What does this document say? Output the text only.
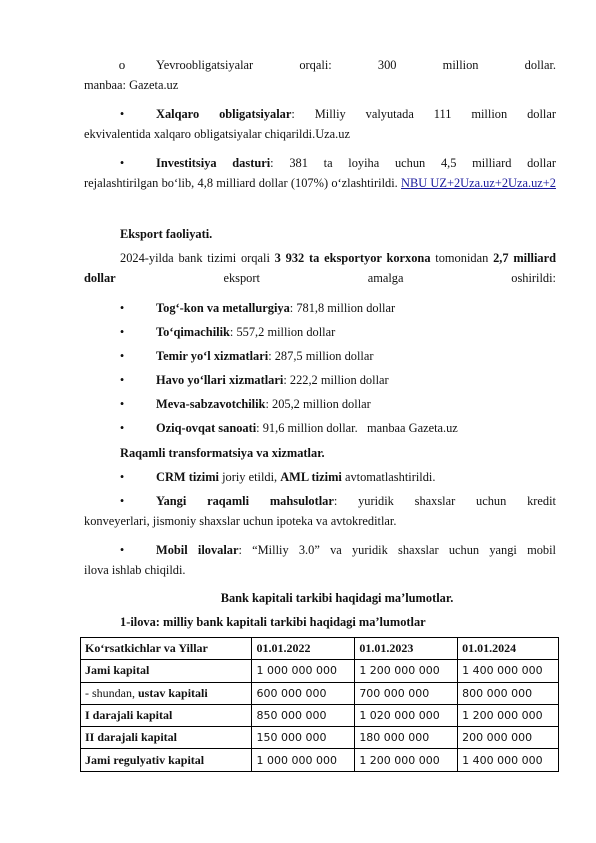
o Yevroobligatsiyalar orqali: 300 million dollar.
manbaa: Gazeta.uz
•	Xalqaro obligatsiyalar: Milliy valyutada 111 million dollar
ekvivalentida xalqaro obligatsiyalar chiqarildi.Uza.uz
•	Investitsiya dasturi: 381 ta loyiha uchun 4,5 milliard dollar
rejalashtirilgan bo‘lib, 4,8 milliard dollar (107%) o‘zlashtirildi. NBU UZ+2Uza.uz+2Uza.uz+2
Eksport faoliyati.
2024-yilda bank tizimi orqali 3 932 ta eksportyor korxona tomonidan 2,7 milliard dollar eksport amalga oshirildi:
•	Tog‘-kon va metallurgiya: 781,8 million dollar
•	To‘qimachilik: 557,2 million dollar
•	Temir yo‘l xizmatlari: 287,5 million dollar
•	Havo yo‘llari xizmatlari: 222,2 million dollar
•	Meva-sabzavotchilik: 205,2 million dollar
•	Oziq-ovqat sanoati: 91,6 million dollar.   manbaa Gazeta.uz
Raqamli transformatsiya va xizmatlar.
•	CRM tizimi joriy etildi, AML tizimi avtomatlashtirildi.
•	Yangi raqamli mahsulotlar: yuridik shaxslar uchun kredit
konveyerlari, jismoniy shaxslar uchun ipoteka va avtokreditlar.
•	Mobil ilovalar: “Milliy 3.0” va yuridik shaxslar uchun yangi mobil
ilova ishlab chiqildi.
Bank kapitali tarkibi haqidagi ma’lumotlar.
1-ilova: milliy bank kapitali tarkibi haqidagi ma’lumotlar
Ko‘rsatkichlar va Yillar	01.01.2022	01.01.2023	01.01.2024
Jami kapital	1 000 000 000	1 200 000 000	1 400 000 000
- shundan, ustav kapitali	600 000 000	700 000 000	800 000 000
I darajali kapital	850 000 000	1 020 000 000	1 200 000 000
II darajali kapital	150 000 000	180 000 000	200 000 000
Jami regulyativ kapital	1 000 000 000	1 200 000 000	1 400 000 000
